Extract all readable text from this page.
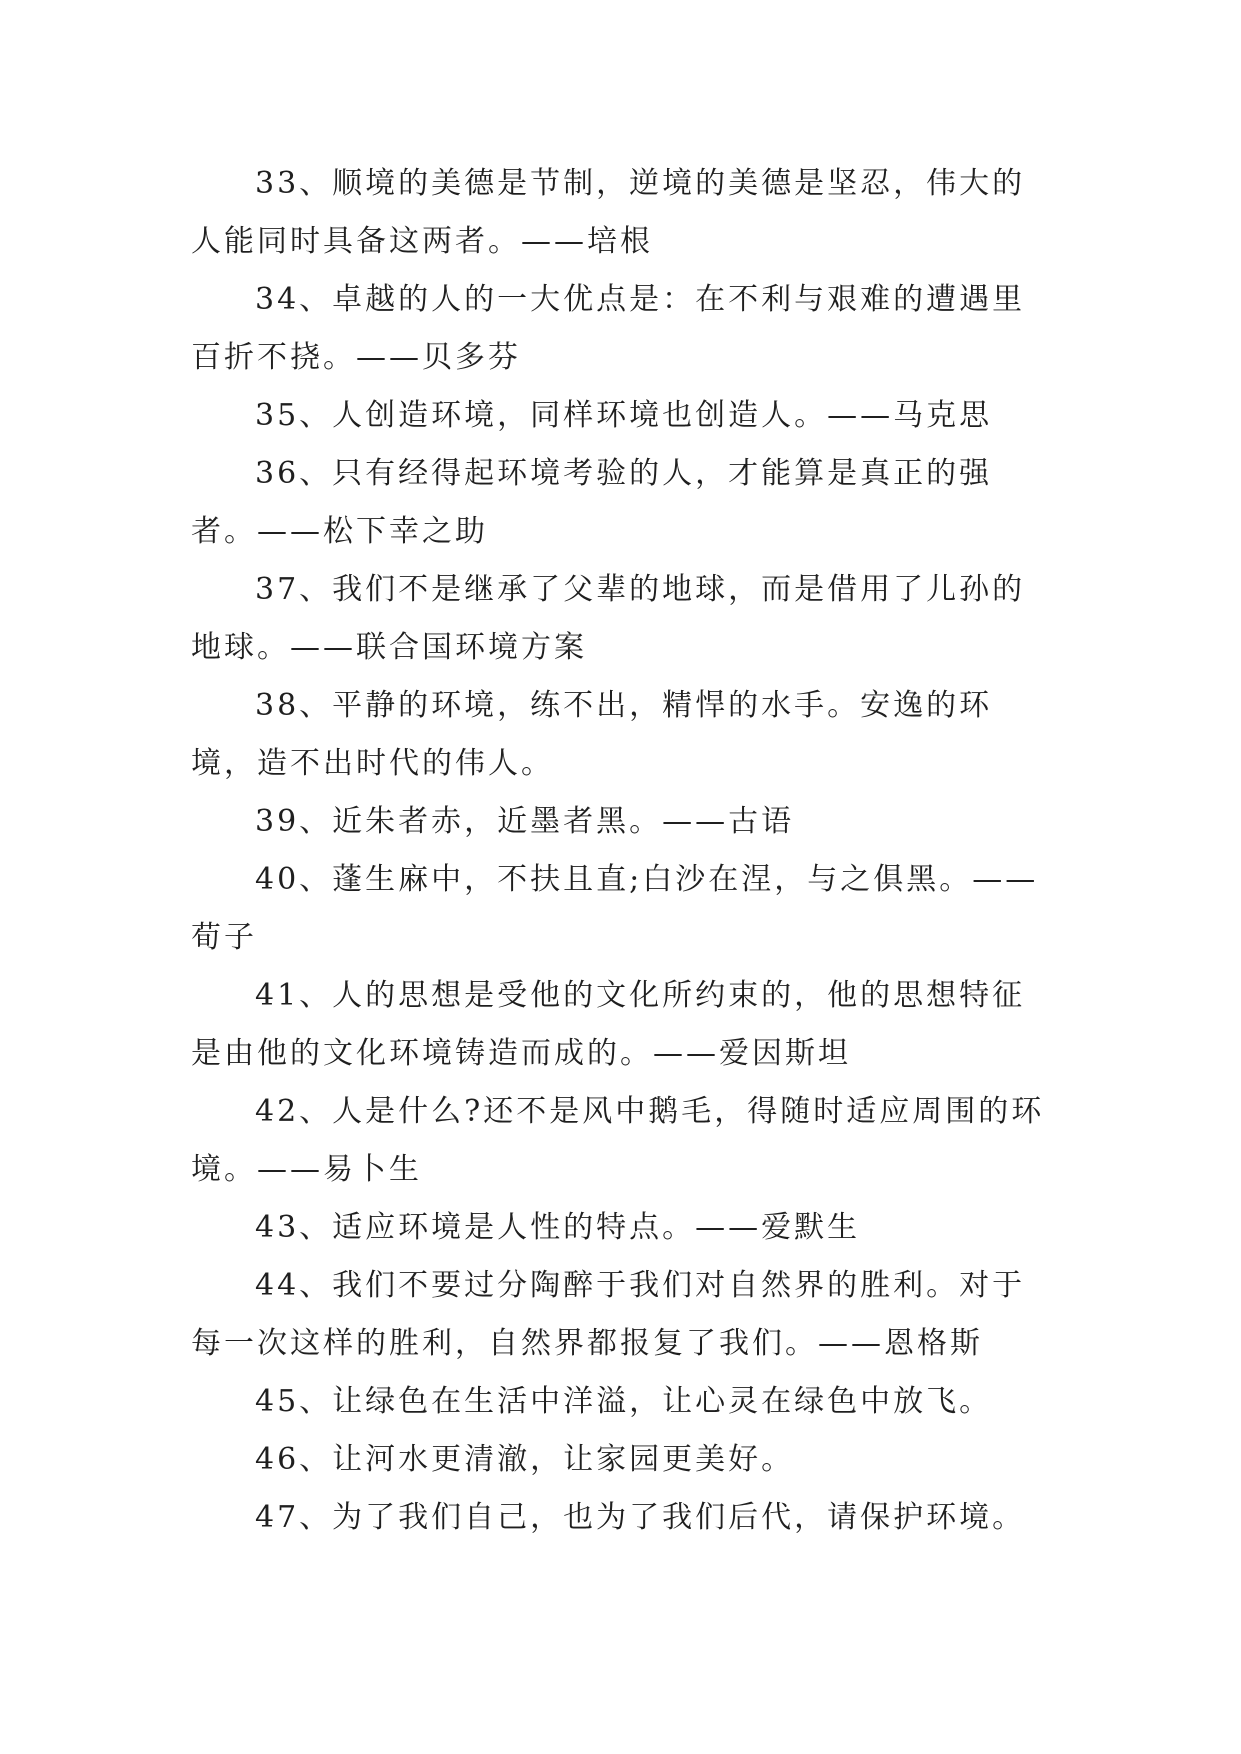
33、顺境的美德是节制，逆境的美德是坚忍，伟大的人能同时具备这两者。——培根

34、卓越的人的一大优点是：在不利与艰难的遭遇里百折不挠。——贝多芬

35、人创造环境，同样环境也创造人。——马克思

36、只有经得起环境考验的人，才能算是真正的强者。——松下幸之助

37、我们不是继承了父辈的地球，而是借用了儿孙的地球。——联合国环境方案

38、平静的环境，练不出，精悍的水手。安逸的环境，造不出时代的伟人。

39、近朱者赤，近墨者黑。——古语

40、蓬生麻中，不扶且直;白沙在涅，与之俱黑。——荀子

41、人的思想是受他的文化所约束的，他的思想特征是由他的文化环境铸造而成的。——爱因斯坦

42、人是什么?还不是风中鹅毛，得随时适应周围的环境。——易卜生

43、适应环境是人性的特点。——爱默生

44、我们不要过分陶醉于我们对自然界的胜利。对于每一次这样的胜利，自然界都报复了我们。——恩格斯

45、让绿色在生活中洋溢，让心灵在绿色中放飞。

46、让河水更清澈，让家园更美好。

47、为了我们自己，也为了我们后代，请保护环境。
